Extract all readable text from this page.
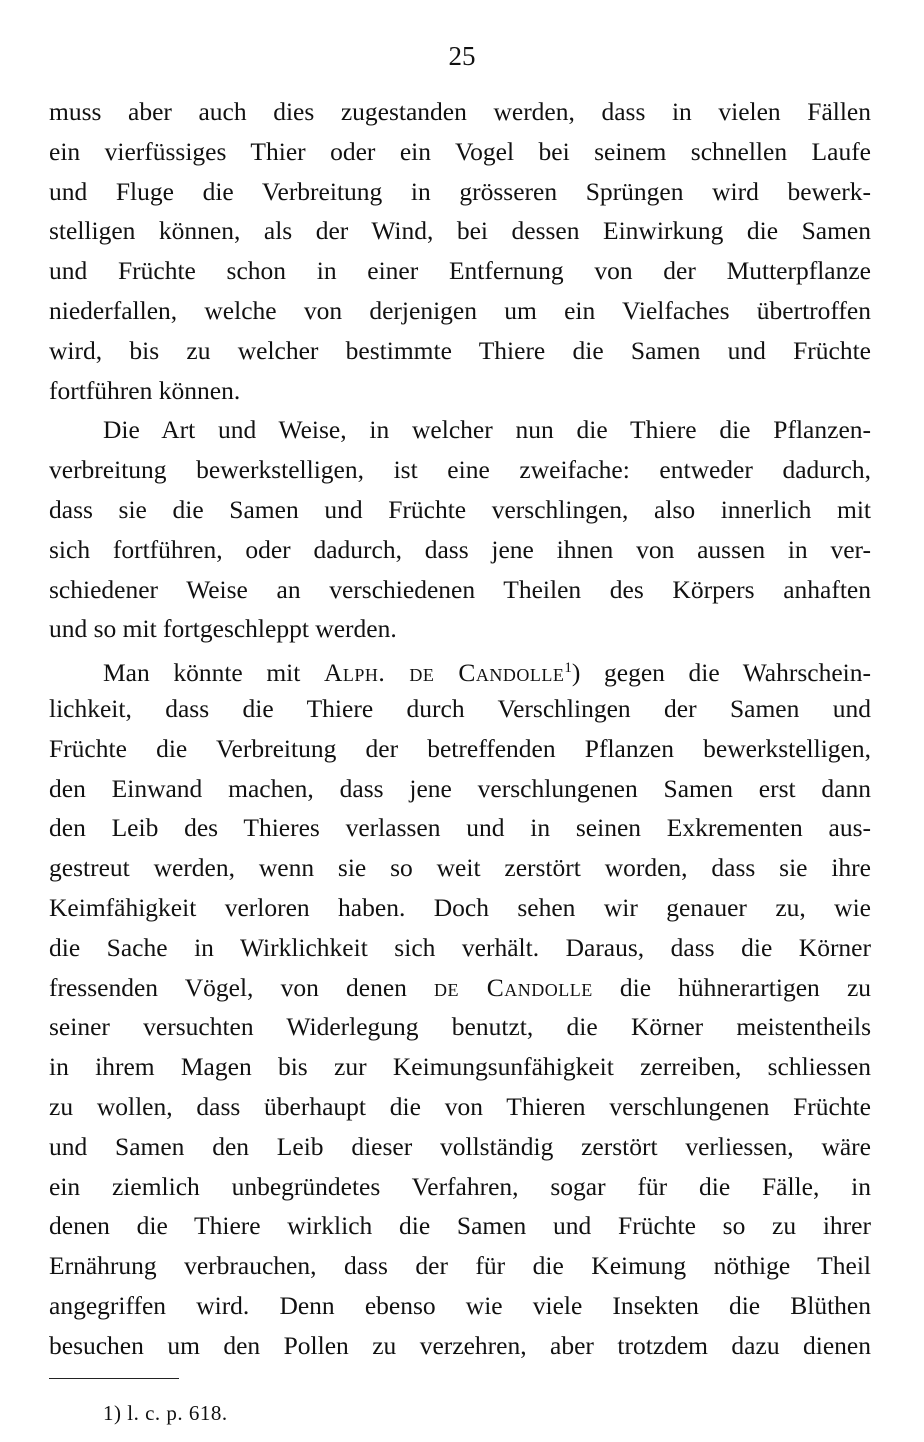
25
muss aber auch dies zugestanden werden, dass in vielen Fällen
ein vierfüssiges Thier oder ein Vogel bei seinem schnellen Laufe
und Fluge die Verbreitung in grösseren Sprüngen wird bewerk-
stelligen können, als der Wind, bei dessen Einwirkung die Samen
und Früchte schon in einer Entfernung von der Mutterpflanze
niederfallen, welche von derjenigen um ein Vielfaches übertroffen
wird, bis zu welcher bestimmte Thiere die Samen und Früchte
fortführen können.
Die Art und Weise, in welcher nun die Thiere die Pflanzen-
verbreitung bewerkstelligen, ist eine zweifache: entweder dadurch,
dass sie die Samen und Früchte verschlingen, also innerlich mit
sich fortführen, oder dadurch, dass jene ihnen von aussen in ver-
schiedener Weise an verschiedenen Theilen des Körpers anhaften
und so mit fortgeschleppt werden.
Man könnte mit Alph. de Candolle$^1$) gegen die Wahrschein-
lichkeit, dass die Thiere durch Verschlingen der Samen und
Früchte die Verbreitung der betreffenden Pflanzen bewerkstelligen,
den Einwand machen, dass jene verschlungenen Samen erst dann
den Leib des Thieres verlassen und in seinen Exkrementen aus-
gestreut werden, wenn sie so weit zerstört worden, dass sie ihre
Keimfähigkeit verloren haben. Doch sehen wir genauer zu, wie
die Sache in Wirklichkeit sich verhält. Daraus, dass die Körner
fressenden Vögel, von denen de Candolle die hühnerartigen zu
seiner versuchten Widerlegung benutzt, die Körner meistentheils
in ihrem Magen bis zur Keimungsunfähigkeit zerreiben, schliessen
zu wollen, dass überhaupt die von Thieren verschlungenen Früchte
und Samen den Leib dieser vollständig zerstört verliessen, wäre
ein ziemlich unbegründetes Verfahren, sogar für die Fälle, in
denen die Thiere wirklich die Samen und Früchte so zu ihrer
Ernährung verbrauchen, dass der für die Keimung nöthige Theil
angegriffen wird. Denn ebenso wie viele Insekten die Blüthen
besuchen um den Pollen zu verzehren, aber trotzdem dazu dienen
1) l. c. p. 618.
